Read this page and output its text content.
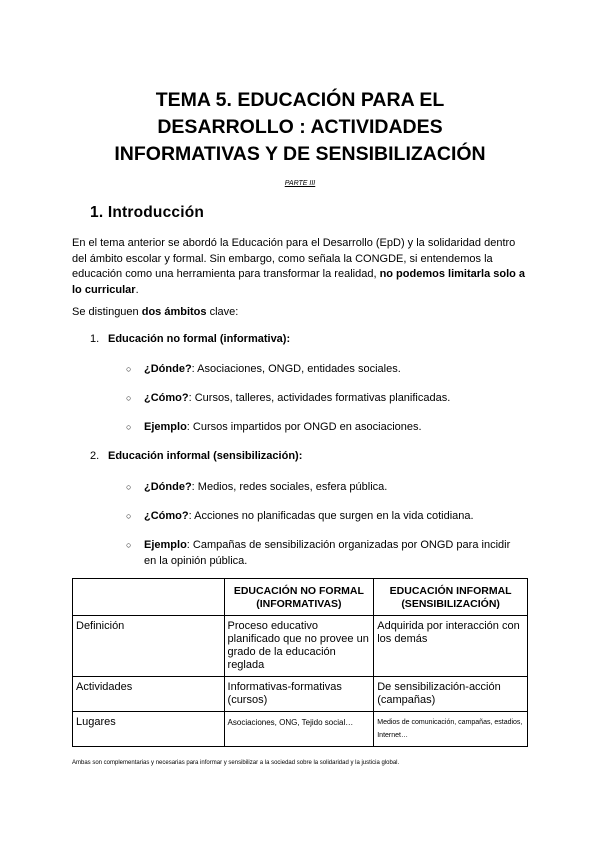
TEMA 5. EDUCACIÓN PARA EL
DESARROLLO : ACTIVIDADES
INFORMATIVAS Y DE SENSIBILIZACIÓN
PARTE III
1. Introducción
En el tema anterior se abordó la Educación para el Desarrollo (EpD) y la solidaridad dentro del ámbito escolar y formal. Sin embargo, como señala la CONGDE, si entendemos la educación como una herramienta para transformar la realidad, no podemos limitarla solo a lo curricular.
Se distinguen dos ámbitos clave:
1. Educación no formal (informativa):
○ ¿Dónde?: Asociaciones, ONGD, entidades sociales.
○ ¿Cómo?: Cursos, talleres, actividades formativas planificadas.
○ Ejemplo: Cursos impartidos por ONGD en asociaciones.
2. Educación informal (sensibilización):
○ ¿Dónde?: Medios, redes sociales, esfera pública.
○ ¿Cómo?: Acciones no planificadas que surgen en la vida cotidiana.
○ Ejemplo: Campañas de sensibilización organizadas por ONGD para incidir en la opinión pública.
	EDUCACIÓN NO FORMAL (INFORMATIVAS)	EDUCACIÓN INFORMAL (SENSIBILIZACIÓN)
Definición	Proceso educativo planificado que no provee un grado de la educación reglada	Adquirida por interacción con los demás
Actividades	Informativas-formativas (cursos)	De sensibilización-acción (campañas)
Lugares	Asociaciones, ONG, Tejido social…	Medios de comunicación, campañas, estadios, Internet…
Ambas son complementarias y necesarias para informar y sensibilizar a la sociedad sobre la solidaridad y la justicia global.
